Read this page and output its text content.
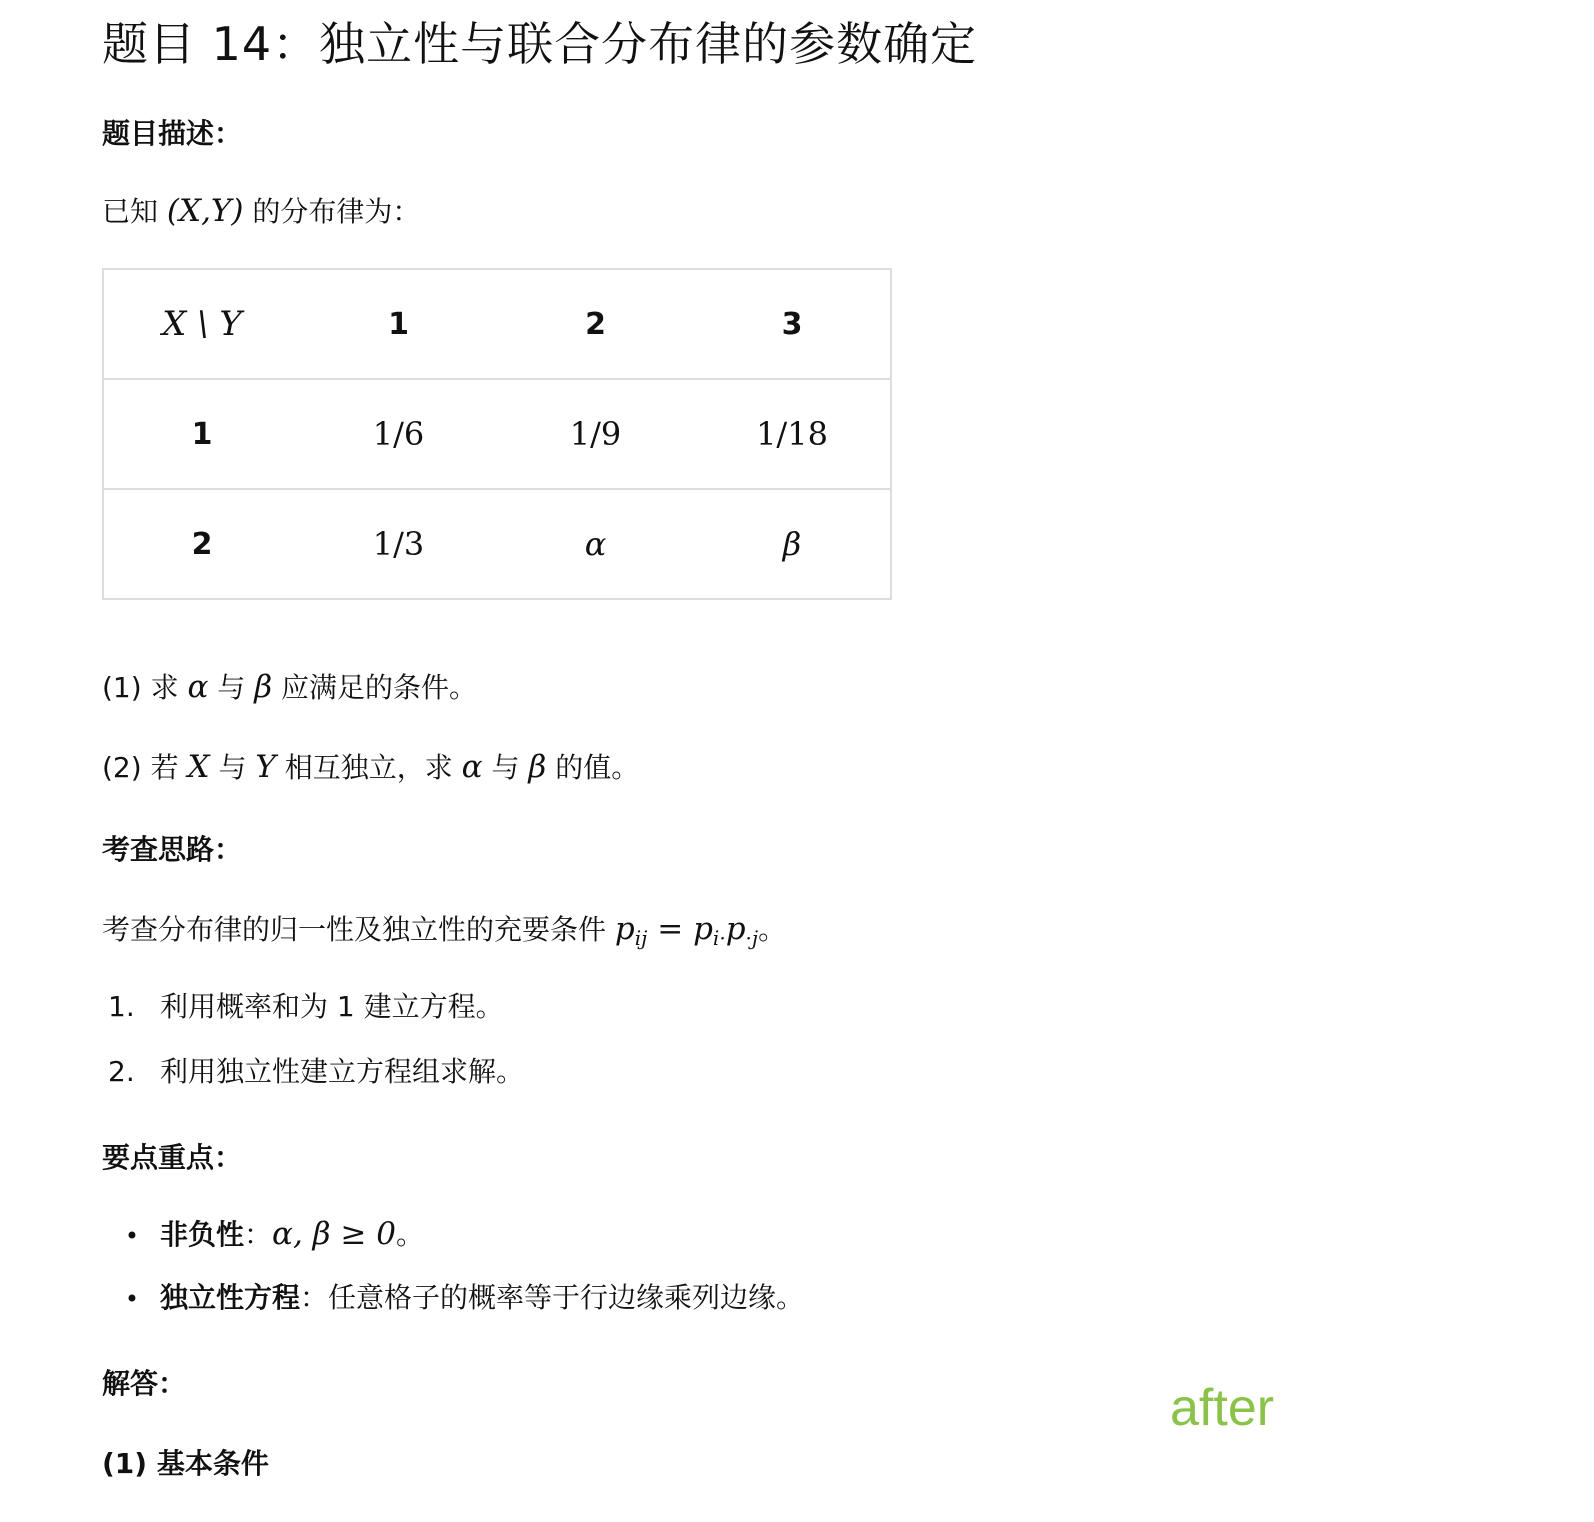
题目 14：独立性与联合分布律的参数确定
题目描述：
已知 (X,Y) 的分布律为：
X \ Y	1	2	3
1	1/6	1/9	1/18
2	1/3	α	β
(1) 求 α 与 β 应满足的条件。
(2) 若 X 与 Y 相互独立，求 α 与 β 的值。
考查思路：
考查分布律的归一性及独立性的充要条件 pij = pi·p·j。
1. 利用概率和为 1 建立方程。
2. 利用独立性建立方程组求解。
要点重点：
• 非负性：α, β ≥ 0。
• 独立性方程：任意格子的概率等于行边缘乘列边缘。
解答：
(1) 基本条件
after
